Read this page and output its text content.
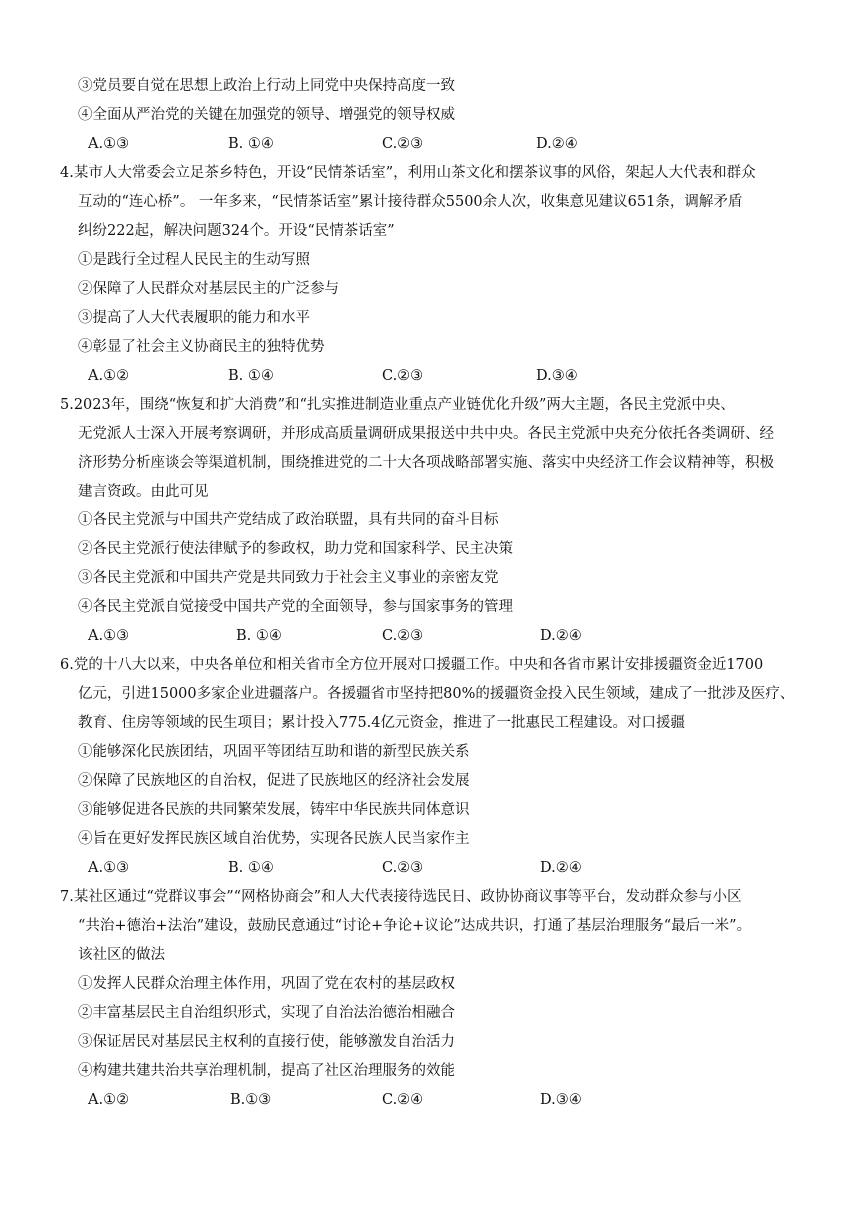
③党员要自觉在思想上政治上行动上同党中央保持高度一致
④全面从严治党的关键在加强党的领导、增强党的领导权威
A.①③	B. ①④	C.②③	D.②④
4.某市人大常委会立足茶乡特色，开设“民情茶话室”，利用山茶文化和摆茶议事的风俗，架起人大代表和群众
互动的“连心桥”。 一年多来，“民情茶话室”累计接待群众5500余人次，收集意见建议651条，调解矛盾
纠纷222起，解决问题324个。开设“民情茶话室”
①是践行全过程人民民主的生动写照
②保障了人民群众对基层民主的广泛参与
③提高了人大代表履职的能力和水平
④彰显了社会主义协商民主的独特优势
A.①②	B. ①④	C.②③	D.③④
5.2023年，围绕“恢复和扩大消费”和“扎实推进制造业重点产业链优化升级”两大主题，各民主党派中央、
无党派人士深入开展考察调研，并形成高质量调研成果报送中共中央。各民主党派中央充分依托各类调研、经
济形势分析座谈会等渠道机制，围绕推进党的二十大各项战略部署实施、落实中央经济工作会议精神等，积极
建言资政。由此可见
①各民主党派与中国共产党结成了政治联盟，具有共同的奋斗目标
②各民主党派行使法律赋予的参政权，助力党和国家科学、民主决策
③各民主党派和中国共产党是共同致力于社会主义事业的亲密友党
④各民主党派自觉接受中国共产党的全面领导，参与国家事务的管理
A.①③	B. ①④	C.②③	D.②④
6.党的十八大以来，中央各单位和相关省市全方位开展对口援疆工作。中央和各省市累计安排援疆资金近1700
亿元，引进15000多家企业进疆落户。各援疆省市坚持把80%的援疆资金投入民生领域，建成了一批涉及医疗、
教育、住房等领域的民生项目；累计投入775.4亿元资金，推进了一批惠民工程建设。对口援疆
①能够深化民族团结，巩固平等团结互助和谐的新型民族关系
②保障了民族地区的自治权，促进了民族地区的经济社会发展
③能够促进各民族的共同繁荣发展，铸牢中华民族共同体意识
④旨在更好发挥民族区域自治优势，实现各民族人民当家作主
A.①③	B. ①④	C.②③	D.②④
7.某社区通过“党群议事会”“网格协商会”和人大代表接待选民日、政协协商议事等平台，发动群众参与小区
“共治+德治+法治”建设，鼓励民意通过“讨论+争论+议论”达成共识，打通了基层治理服务“最后一米”。
该社区的做法
①发挥人民群众治理主体作用，巩固了党在农村的基层政权
②丰富基层民主自治组织形式，实现了自治法治德治相融合
③保证居民对基层民主权利的直接行使，能够激发自治活力
④构建共建共治共享治理机制，提高了社区治理服务的效能
A.①②	B.①③	C.②④	D.③④
